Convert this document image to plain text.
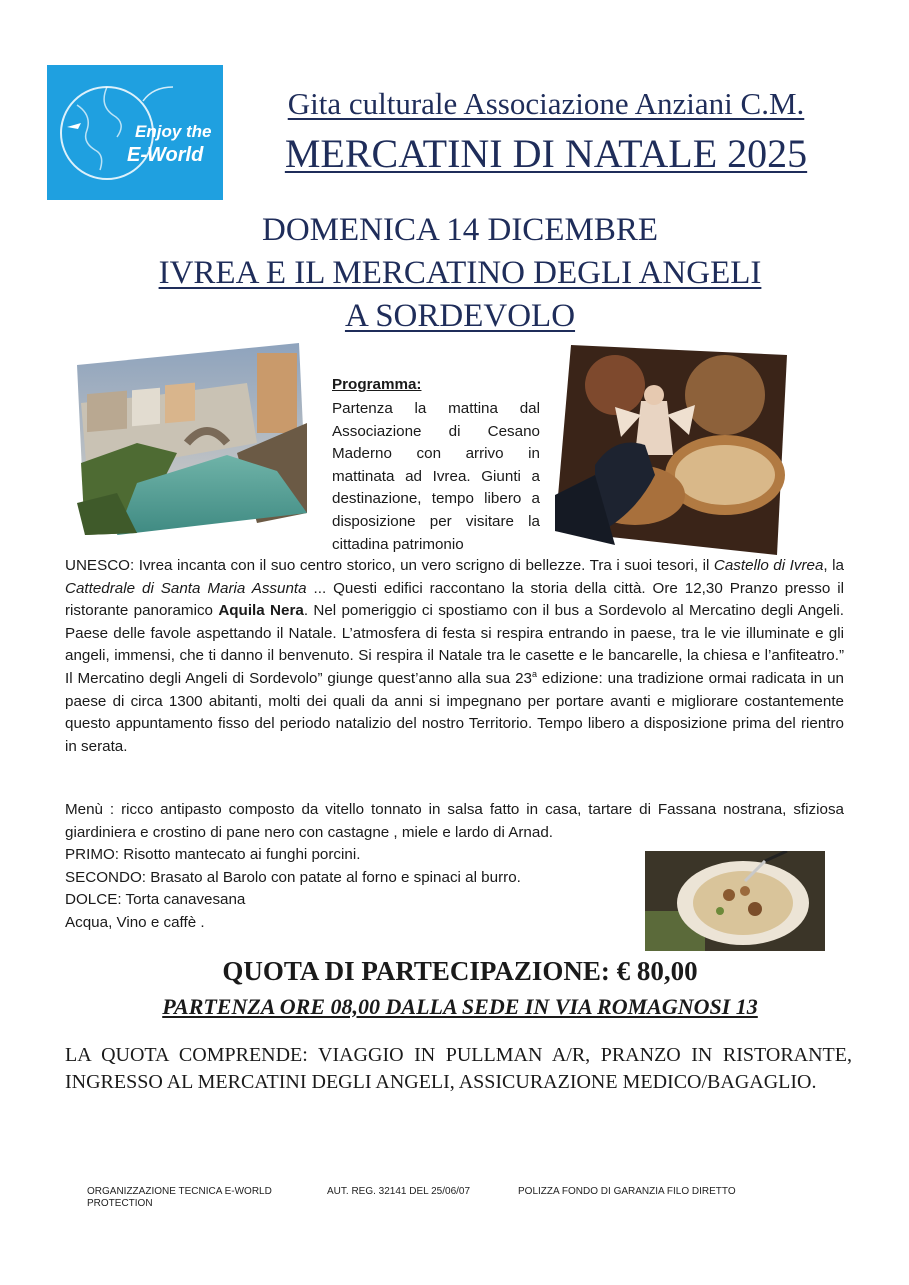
Enjoy the
E-World
Gita culturale Associazione Anziani C.M.
MERCATINI DI NATALE 2025
DOMENICA 14 DICEMBRE
IVREA E IL MERCATINO DEGLI ANGELI
A SORDEVOLO
Programma:
Partenza la mattina dal Associazione di Cesano Maderno con arrivo in mattinata ad Ivrea. Giunti a destinazione, tempo libero a disposizione per visitare la cittadina patrimonio
UNESCO: Ivrea incanta con il suo centro storico, un vero scrigno di bellezze. Tra i suoi tesori, il Castello di Ivrea, la Cattedrale di Santa Maria Assunta ... Questi edifici raccontano la storia della città. Ore 12,30 Pranzo presso il ristorante panoramico Aquila Nera. Nel pomeriggio ci spostiamo con il bus a Sordevolo al Mercatino degli Angeli. Paese delle favole aspettando il Natale. L’atmosfera di festa si respira entrando in paese, tra le vie illuminate e gli angeli, immensi, che ti danno il benvenuto. Si respira il Natale tra le casette e le bancarelle, la chiesa e l’anfiteatro.” Il Mercatino degli Angeli di Sordevolo” giunge quest’anno alla sua 23$^a$ edizione: una tradizione ormai radicata in un paese di circa 1300 abitanti, molti dei quali da anni si impegnano per portare avanti e migliorare costantemente questo appuntamento fisso del periodo natalizio del nostro Territorio. Tempo libero a disposizione prima del rientro in serata.
Menù : ricco antipasto composto da vitello tonnato in salsa fatto in casa, tartare di Fassana nostrana, sfiziosa giardiniera e crostino di pane nero con castagne , miele e lardo di Arnad.
PRIMO: Risotto mantecato ai funghi porcini.
SECONDO: Brasato al Barolo con patate al forno e spinaci al burro.
DOLCE: Torta canavesana
Acqua, Vino e caffè .
QUOTA DI PARTECIPAZIONE: € 80,00
PARTENZA ORE 08,00 DALLA SEDE IN VIA ROMAGNOSI 13
LA QUOTA COMPRENDE: VIAGGIO IN PULLMAN A/R, PRANZO IN RISTORANTE, INGRESSO AL MERCATINI DEGLI ANGELI, ASSICURAZIONE MEDICO/BAGAGLIO.
ORGANIZZAZIONE TECNICA E-WORLD PROTECTION
AUT. REG. 32141 DEL 25/06/07	POLIZZA FONDO DI GARANZIA FILO DIRETTO
